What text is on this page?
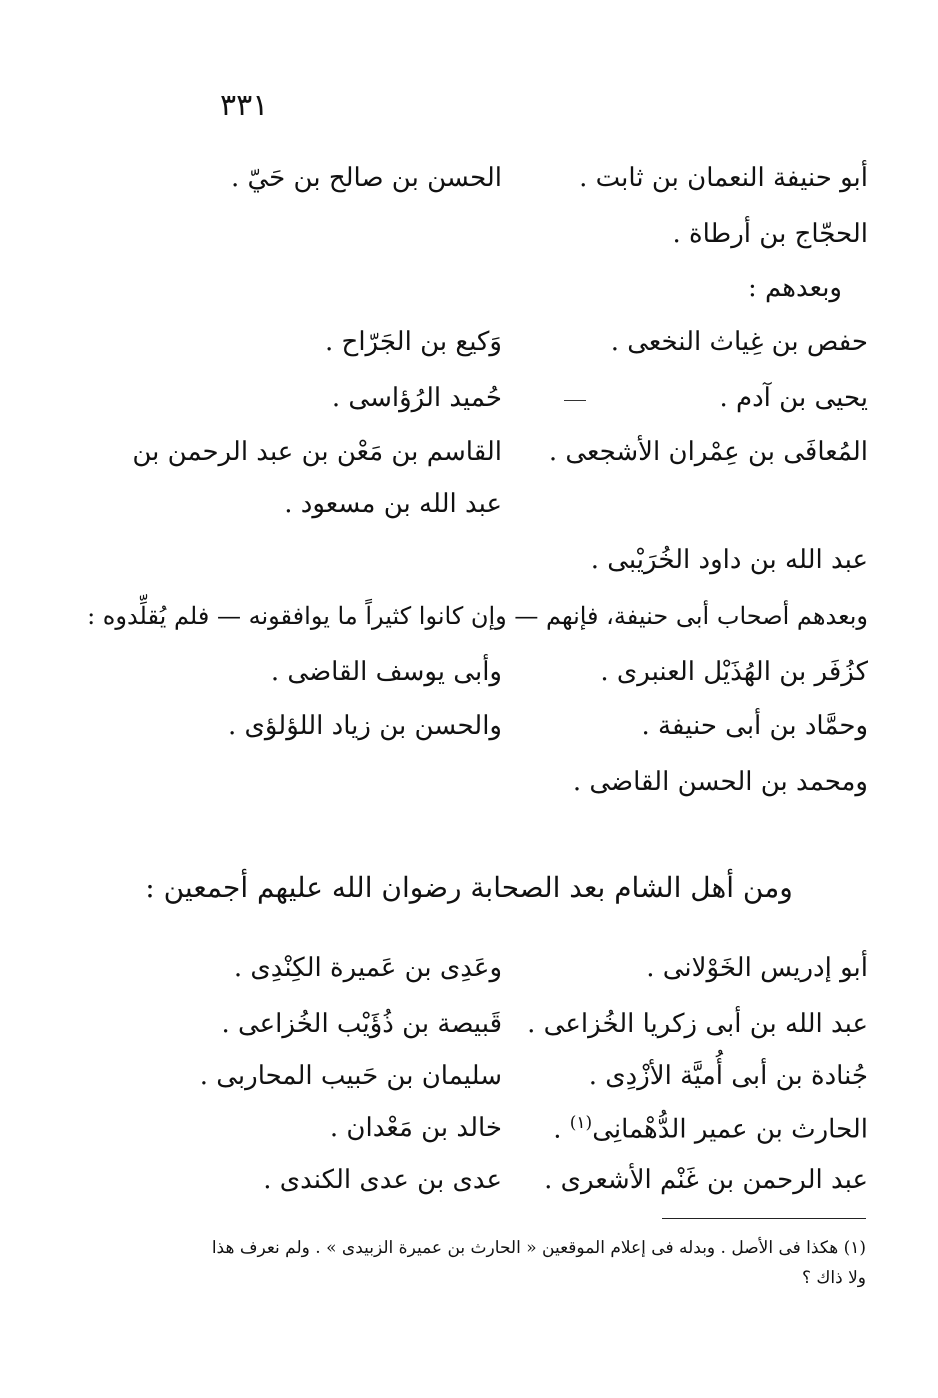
٣٣١
أبو حنيفة النعمان بن ثابت .
الحسن بن صالح بن حَيّ .
الحجّاج بن أرطاة .
وبعدهم :
حفص بن غِياث النخعى .
وَكيع بن الجَرّاح .
يحيى بن آدم .
حُميد الرُؤاسى .
المُعافَى بن عِمْران الأشجعى .
القاسم بن مَعْن بن عبد الرحمن بن
عبد الله بن مسعود .
عبد الله بن داود الخُرَيْبى .
وبعدهم أصحاب أبى حنيفة، فإنهم — وإن كانوا كثيراً ما يوافقونه — فلم يُقلِّدوه :
كزُفَر بن الهُذَيْل العنبرى .
وأبى يوسف القاضى .
وحمَّاد بن أبى حنيفة .
والحسن بن زياد اللؤلؤى .
ومحمد بن الحسن القاضى .
ومن أهل الشام بعد الصحابة رضوان الله عليهم أجمعين :
أبو إدريس الخَوْلانى .
وعَدِى بن عَميرة الكِنْدِى .
عبد الله بن أبى زكريا الخُزاعى .
قَبيصة بن ذُؤَيْب الخُزاعى .
جُنادة بن أبى أُميَّة الأزْدِى .
سليمان بن حَبيب المحاربى .
الحارث بن عمير الدُّهْمانِى$^{(١)}$ .
خالد بن مَعْدان .
عبد الرحمن بن غَنْم الأشعرى .
عدى بن عدى الكندى .
(١) هكذا فى الأصل . وبدله فى إعلام الموقعين « الحارث بن عميرة الزبيدى » . ولم نعرف هذا
ولا ذاك ؟
